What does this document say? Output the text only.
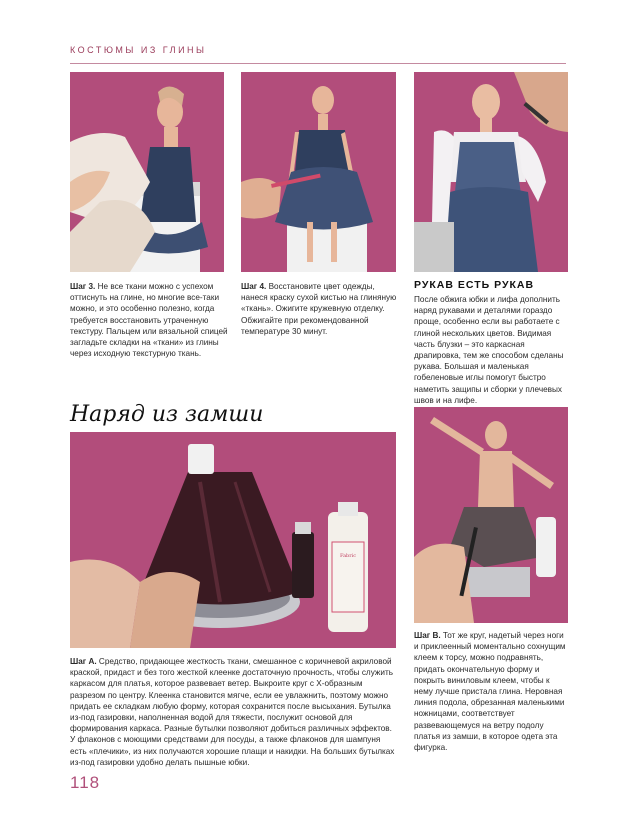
КОСТЮМЫ ИЗ ГЛИНЫ
Шаг 3. Не все ткани можно с успехом оттиснуть на глине, но многие все-таки можно, и это особенно полезно, когда требуется восстановить утраченную текстуру. Пальцем или вязальной спицей загладьте складки на «ткани» из глины через исходную текстурную ткань.
Шаг 4. Восстановите цвет одежды, нанеся краску сухой кистью на глиняную «ткань». Ожигите кружевную отделку. Обжигайте при рекомендованной температуре 30 минут.
РУКАВ ЕСТЬ РУКАВ
После обжига юбки и лифа дополнить наряд рукавами и деталями гораздо проще, особенно если вы работаете с глиной нескольких цветов. Видимая часть блузки – это каркасная драпировка, тем же способом сделаны рукава. Большая и маленькая гобеленовые иглы помогут быстро наметить защипы и сборки у плечевых швов и на лифе.
Наряд из замши
Fabric
Шаг А. Средство, придающее жесткость ткани, смешанное с коричневой акриловой краской, придаст и без того жесткой клеенке достаточную прочность, чтобы служить каркасом для платья, которое развевает ветер. Выкроите круг с Х-образным разрезом по центру. Клеенка становится мягче, если ее увлажнить, поэтому можно придать ее складкам любую форму, которая сохранится после высыхания. Бутылка из-под газировки, наполненная водой для тяжести, послужит основой для формирования каркаса. Разные бутылки позволяют добиться различных эффектов. У флаконов с моющими средствами для посуды, а также флаконов для шампуня есть «плечики», из них получаются хорошие плащи и накидки. На больших бутылках из-под газировки удобно делать пышные юбки.
Шаг В. Тот же круг, надетый через ноги и приклеенный моментально сохнущим клеем к торсу, можно подравнять, придать окончательную форму и покрыть виниловым клеем, чтобы к нему лучше пристала глина. Неровная линия подола, обрезанная маленькими ножницами, соответствует развевающемуся на ветру подолу платья из замши, в которое одета эта фигурка.
118
